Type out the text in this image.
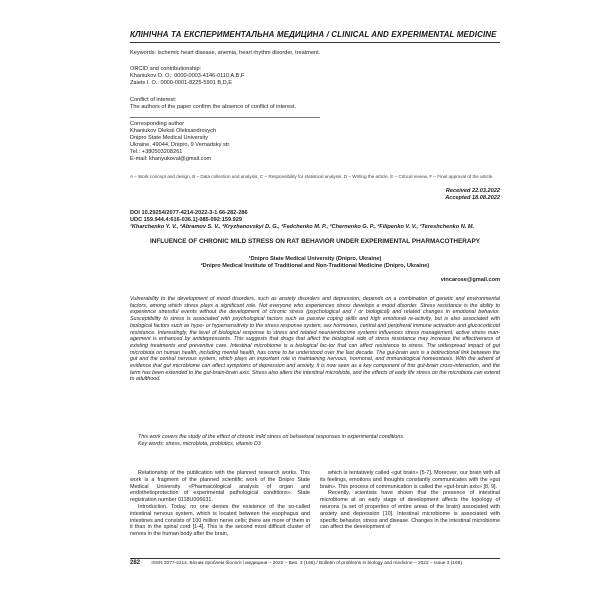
КЛІНІЧНА ТА ЕКСПЕРИМЕНТАЛЬНА МЕДИЦИНА / CLINICAL AND EXPERIMENTAL MEDICINE
Keywords: ischemic heart disease, anemia, heart rhythm disorder, treatment.
ORCID and contributionship:
Khaniukov O. O.: 0000-0003-4146-0110 A,B,F
Zaiets I. O.: 0000-0001-8225-5901 B,D,E
Conflict of interest:
The authors of the paper confirm the absence of conflict of interest.
Corresponding author
Khaniukov Oleksii Oleksandrovych
Dnipro State Medical University
Ukraine, 49044, Dnipro, 9 Vernadsky str.
Tel.: +380503208261
E-mail: khanyukoval@gmail.com
A – Work concept and design, B – Data collection and analysis, C – Responsibility for statistical analysis, D – Writing the article, E – Critical review, F – Final approval of the article.
Received 22.03.2022
Accepted 18.08.2022
DOI 10.29254/2077-4214-2022-3-1 66-282-286
UDC 159.944.4:616-036.1]-085-092:159.929
¹Kharchenko Y. V., ²Abramov S. V., ²Kryzhanovskyi D. G., ²Fedchenko M. P., ²Chernenko G. P., ²Filipenko V. V., ²Tereshchenko N. M.
INFLUENCE OF CHRONIC MILD STRESS ON RAT BEHAVIOR UNDER EXPERIMENTAL PHARMACOTHERAPY
¹Dnipro State Medical University (Dnipro, Ukraine)
²Dnipro Medical Institute of Traditional and Non-Traditional Medicine (Dnipro, Ukraine)
vincarose@gmail.com
Vulnerability to the development of mood disorders, such as anxiety disorders and depression, depends on a combination of genetic and environmental factors, among which stress plays a significant role. Not everyone who experiences stress develops a mood disorder. Stress resistance is the ability to experience stressful events without the development of chronic stress (psychological and / or biological) and related changes in emotional behavior. Susceptibility to stress is associated with psychological factors such as passive coping skills and high emotional re-activity, but is also associated with biological factors such as hypo- or hypersensitivity to the stress response system, sex hormones, central and peripheral immune activation and glucocorticoid resistance. Interestingly, the level of biological response to stress and related neuroendocrine systems influences stress management, active stress man-agement is enhanced by antidepressants. This suggests that drugs that affect the biological side of stress resistance may increase the effectiveness of existing treatments and preventive care. Intestinal microbiome is a biological fac-tor that can affect resistance to stress. The widespread impact of gut microbiota on human health, including mental health, has come to be understood over the last decade. The gut-brain axis is a bidirectional link between the gut and the central nervous system, which plays an important role in maintaining nervous, hormonal, and immunological homeostasis. With the advent of evidence that gut microbiome can affect symptoms of depression and anxiety, it is now seen as a key component of this gut-brain cross-interaction, and the term has been extended to the gut-brain-brain axis. Stress also alters the intestinal microbiota, and the effects of early life stress on the microbiota can extend to adulthood.
This work covers the study of the effect of chronic mild stress on behavioral responses in experimental conditions.
Key words: stress, microbiota, probiotics, vitamin D3

Relationship of the publication with the planned research works. This work is a fragment of the planned scientific work of the Dnipro State Medical University «Pharmacological analysis of organ and endothelioprotection of experimental pathological conditions». State registration number 0118U006631.

Introduction. Today, no one denies the existence of the so-called intestinal nervous system, which is located between the esophagus and intestines and consists of 100 million nerve cells; there are more of them in it than in the spinal cord [1-4]. This is the second most difficult cluster of nerves in the human body after the brain,

which is tentatively called «gut brain» [5-7]. Moreover, our brain with all its feelings, emotions and thoughts constantly communicates with the «gut brain». This process of communication is called the «gut-brain axis» [8, 9].

Recently, scientists have shown that the presence of intestinal microbiome at an early stage of development affects the topology of neurons (a set of properties of entire areas of the brain) associated with anxiety and depression [10]. Intestinal microbiome is associated with specific behavior, stress and disease. Changes in the intestinal microbiome can affect the development of

282 ISSN 2077-4214. Вісник проблем біології і медицини – 2022 – Вип. 3 (166) / Bulletin of problems in biology and medicine – 2022 – Issue 3 (166)
